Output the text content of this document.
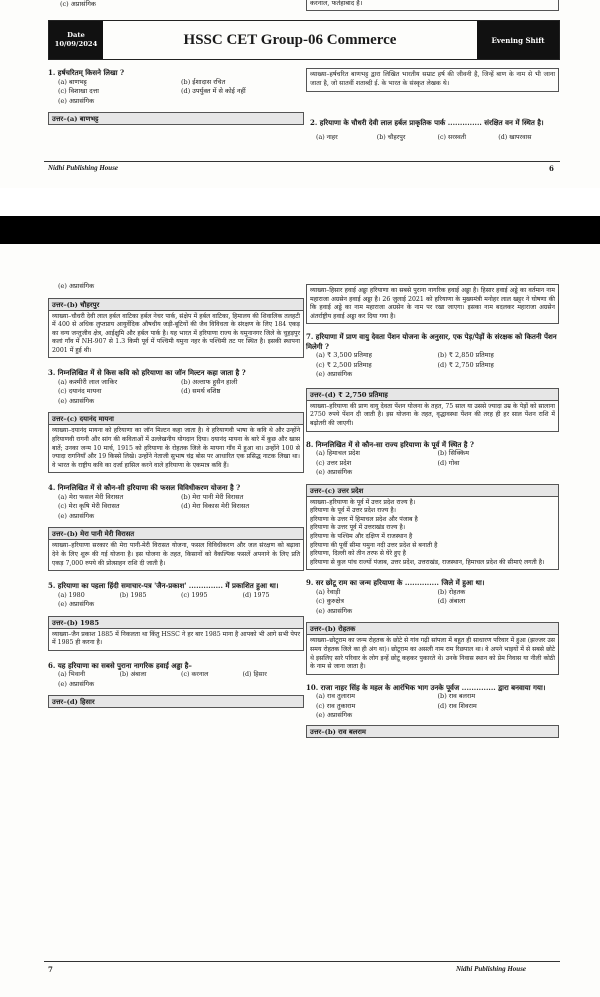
(c) अप्रासंगिक	करनाल, फतेहाबाद हैं।
Date
10/09/2024	HSSC CET Group-06 Commerce	Evening Shift
1. हर्षचरितम् किसने लिखा ?
(a) बाणभट्ट	(b) ईशादास रचित
(c) विशाखा दत्ता	(d) उपर्युक्त में से कोई नहीं
(e) अप्रासंगिक
उत्तर–(a) बाणभट्ट
व्याख्या–हर्षचरित बाणभट्ट द्वारा लिखित भारतीय सम्राट हर्ष की जीवनी है, जिन्हें बाण के नाम से भी जाना जाता है, जो सातवीं शताब्दी ई. के भारत के संस्कृत लेखक थे।
2. हरियाणा के चौधरी देवी लाल हर्बल प्राकृतिक पार्क .............. संरक्षित वन में स्थित है।
(a) नाहर	(b) चौहरपुर	(c) सरस्वती	(d) खापरवास
Nidhi Publishing House	6
(e) अप्रासंगिक
उत्तर–(b) चौहरपुर
व्याख्या–चौधरी देवी लाल हर्बल वाटिका हर्बल नेचर पार्क, संक्षेप में हर्बल वाटिका, हिमालय की शिवालिक तलहटी में 400 से अधिक लुप्तप्राय आयुर्वेदिक औषधीय जड़ी-बूटियों की जैव विविधता के संरक्षण के लिए 184 एकड़ का वन्य जन्तुजीव क्षेत्र, आईक्षुमि और हर्बल पार्क है। यह भारत में हरियाणा राज्य के यमुनानगर जिले के चुहड़पुर कलां गाँव में NH-907 से 1.3 किमी पूर्व में पश्चिमी यमुना नहर के पश्चिमी तट पर स्थित है। इसकी स्थापना 2001 में हुई थी।
3. निम्नलिखित में से किस कवि को हरियाणा का जॉन मिल्टन कहा जाता है ?
(a) कश्मीरी लाल जाकिर	(b) अल्ताफ हुसैन हाली
(c) दयानंद मायना	(d) समर्थ वशिष्ठ
(e) अप्रासंगिक
उत्तर–(c) दयानंद मायना
व्याख्या–दयानंद मायना को हरियाणा का जॉन मिल्टन कहा जाता है। वे हरियाणवी भाषा के कवि थे और उन्होंने हरियाणवी रागनी और सांग की कविताओं में उल्लेखनीय योगदान दिया। दयानंद मायना के बारे में कुछ और खास बातें; उनका जन्म 10 मार्च, 1915 को हरियाणा के रोहतक जिले के मायना गाँव में हुआ था। उन्होंने 100 से ज्यादा रागनियाँ और 19 किस्से लिखे। उन्होंने नेताजी सुभाष चंद्र बोस पर आधारित एक प्रसिद्ध नाटक लिखा था। वे भारत के राष्ट्रीय कवि का दर्जा हासिल करने वाले हरियाणा के एकमात्र कवि हैं।
4. निम्नलिखित में से कौन-सी हरियाणा की फसल विविधीकरण योजना है ?
(a) मेरा फसल मेरी विरासत	(b) मेरा पानी मेरी विरासत
(c) मेरा कृषि मेरी विरासत	(d) मेरा विकास मेरी विरासत
(e) अप्रासंगिक
उत्तर–(b) मेरा पानी मेरी विरासत
व्याख्या–हरियाणा सरकार की मेरा पानी-मेरी विरासत योजना, फसल विविधीकरण और जल संरक्षण को बढ़ावा देने के लिए शुरू की गई योजना है। इस योजना के तहत, किसानों को वैकल्पिक फसलें अपनाने के लिए प्रति एकड़ 7,000 रुपये की प्रोत्साहन राशि दी जाती है।
5. हरियाणा का पहला हिंदी समाचार-पत्र 'जैन-प्रकाश' .............. में प्रकाशित हुआ था।
(a) 1980	(b) 1985	(c) 1995	(d) 1975
(e) अप्रासंगिक
उत्तर–(b) 1985
व्याख्या–जैन प्रकाश 1885 में निकलता था किंतु HSSC ने हर बार 1985 माना है आपको भी आगे सभी पेपर में 1985 ही करना है।
6. यह हरियाणा का सबसे पुराना नागरिक हवाई अड्डा है–
(a) भिवानी	(b) अंबाला	(c) करनाल	(d) हिसार
(e) अप्रासंगिक
उत्तर–(d) हिसार
व्याख्या–हिसार हवाई अड्डा हरियाणा का सबसे पुराना नागरिक हवाई अड्डा है। हिसार हवाई अड्डे का वर्तमान नाम महाराजा अग्रसेन हवाई अड्डा है। 26 जुलाई 2021 को हरियाणा के मुख्यमंत्री मनोहर लाल खट्टर ने घोषणा की कि हवाई अड्डे का नाम महाराजा अग्रसेन के नाम पर रखा जाएगा। इसका नाम बदलकर महाराजा अग्रसेन अंतर्राष्ट्रीय हवाई अड्डा कर दिया गया है।
7. हरियाणा में प्राण वायु देवता पेंशन योजना के अनुसार, एक पेड़/पेड़ों के संरक्षक को कितनी पेंशन मिलेगी ?
(a) ₹ 3,500 प्रतिमाह	(b) ₹ 2,850 प्रतिमाह
(c) ₹ 2,500 प्रतिमाह	(d) ₹ 2,750 प्रतिमाह
(e) अप्रासंगिक
उत्तर–(d) ₹ 2,750 प्रतिमाह
व्याख्या–हरियाणा की प्राण वायु देवता पेंशन योजना के तहत, 75 साल या उससे ज्यादा उम्र के पेड़ों को सालाना 2750 रुपये पेंशन दी जाती है। इस योजना के तहत, वृद्धावस्था पेंशन की तरह ही हर साल पेंशन राशि में बढ़ोतरी की जाएगी।
8. निम्नलिखित में से कौन-सा राज्य हरियाणा के पूर्व में स्थित है ?
(a) हिमाचल प्रदेश	(b) सिक्किम
(c) उत्तर प्रदेश	(d) गोवा
(e) अप्रासंगिक
उत्तर–(c) उत्तर प्रदेश
व्याख्या–हरियाणा के पूर्व में उत्तर प्रदेश राज्य है।
हरियाणा के पूर्व में उत्तर प्रदेश राज्य है।
हरियाणा के उत्तर में हिमाचल प्रदेश और पंजाब है
हरियाणा के उत्तर पूर्व में उत्तराखंड राज्य है।
हरियाणा के पश्चिम और दक्षिण में राजस्थान है
हरियाणा की पूर्वी सीमा यमुना नदी उत्तर प्रदेश से बनाती है
हरियाणा, दिल्ली को तीन तरफ से घेरे हुए है
हरियाणा से कुल पांच राज्यों पंजाब, उत्तर प्रदेश, उत्तराखंड, राजस्थान, हिमाचल प्रदेश की सीमाएं लगती है।
9. सर छोटू राम का जन्म हरियाणा के .............. जिले में हुआ था।
(a) रेवाड़ी	(b) रोहतक
(c) कुरुक्षेत्र	(d) अंबाला
(e) अप्रासंगिक
उत्तर–(b) रोहतक
व्याख्या–छोटूराम का जन्म रोहतक के छोटे से गांव गढ़ी सांपला में बहुत ही साधारण परिवार में हुआ (झज्जर उस समय रोहतक जिले का ही अंग था)। छोटूराम का असली नाम राम रिछपाल था। वे अपने भाइयों में से सबसे छोटे थे इसलिए सारे परिवार के लोग इन्हें छोटू कहकर पुकारते थे। उनके निवास स्थान को प्रेम निवास या नीली कोठी के नाम से जाना जाता है।
10. राजा नाहर सिंह के महल के आरंभिक भाग उनके पूर्वज .............. द्वारा बनवाया गया।
(a) राव तुलाराम	(b) राव बलराम
(c) राव तुकाराम	(d) राव शिवराम
(e) अप्रासंगिक
उत्तर–(b) राव बलराम
7	Nidhi Publishing House
